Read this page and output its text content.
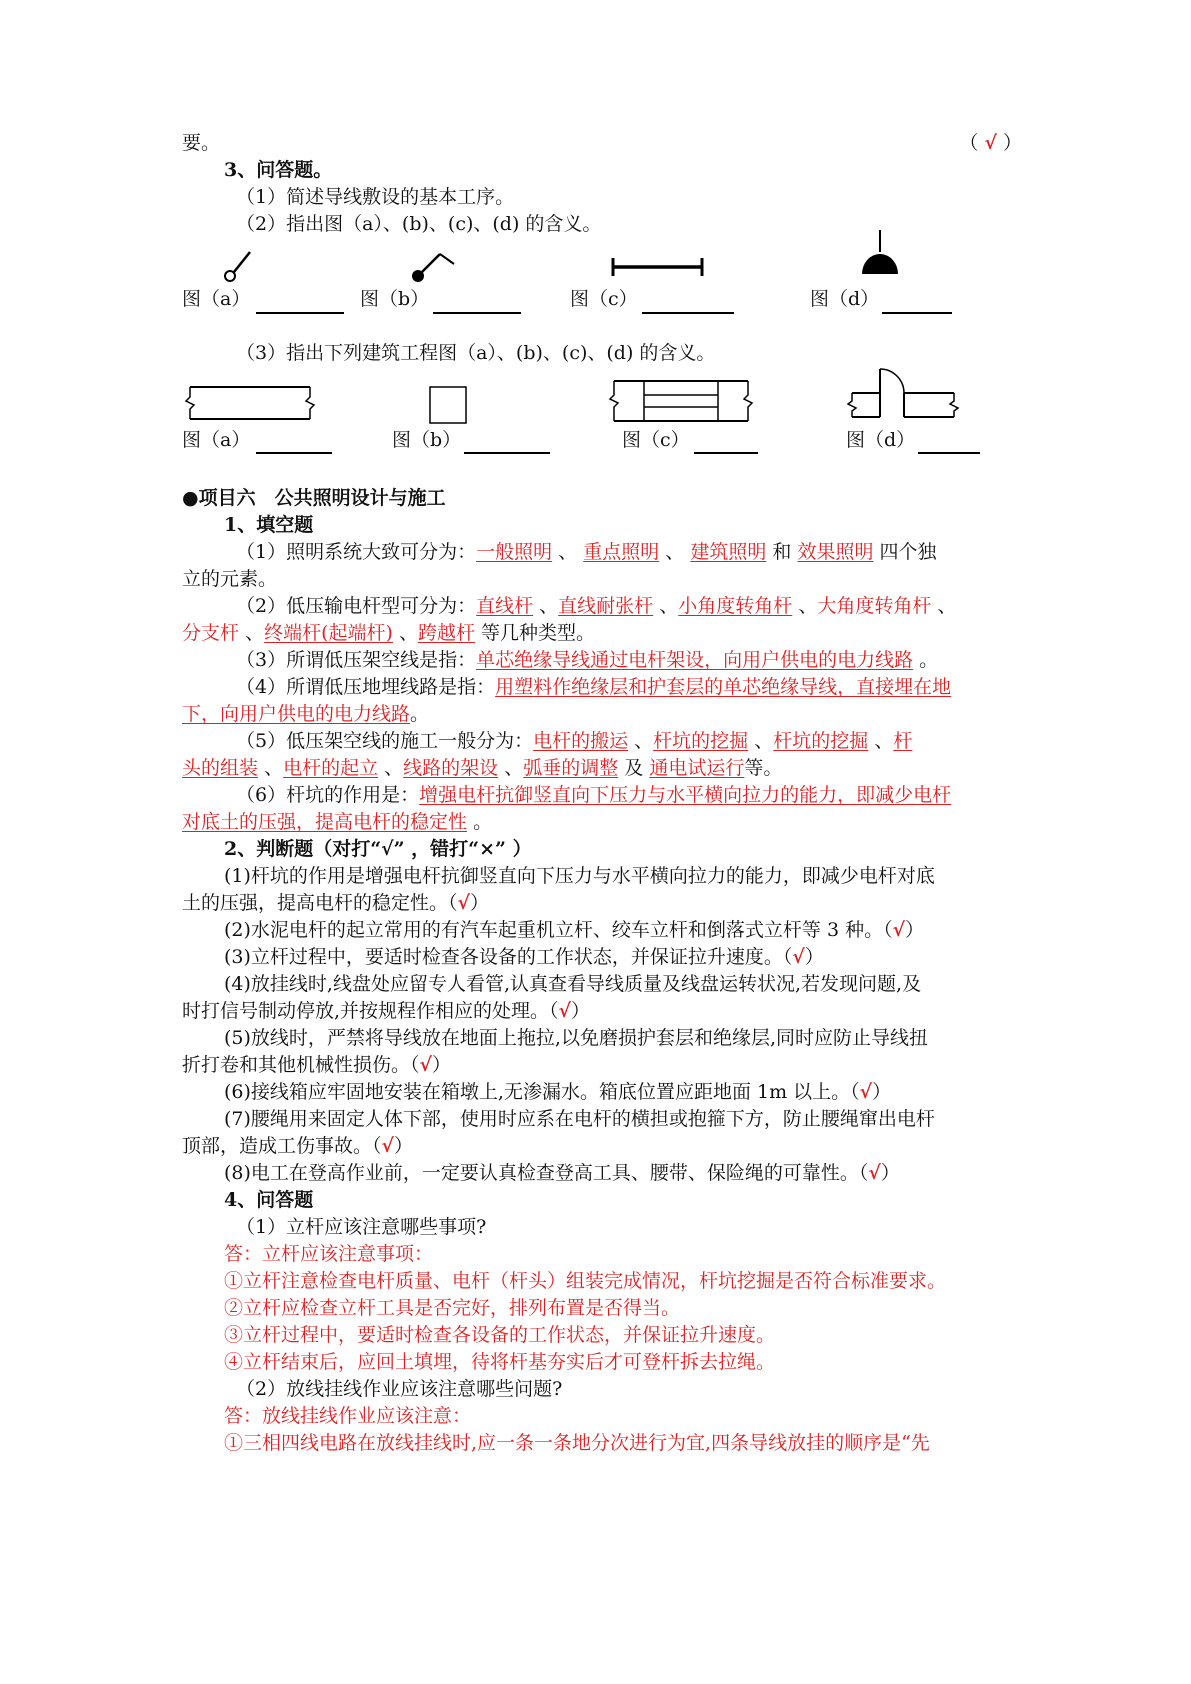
要。	（ √ ）
3、问答题。
（1）简述导线敷设的基本工序。
（2）指出图（a）、(b)、(c)、(d) 的含义。
图（a）	图（b）	图（c）	图（d）
（3）指出下列建筑工程图（a）、(b)、(c)、(d) 的含义。
图（a）	图（b）	图（c）	图（d）
●项目六　公共照明设计与施工
1、填空题
（1）照明系统大致可分为：一般照明 、 重点照明 、 建筑照明 和 效果照明 四个独
立的元素。
（2）低压输电杆型可分为：直线杆 、直线耐张杆 、小角度转角杆 、大角度转角杆 、
分支杆 、终端杆(起端杆) 、跨越杆 等几种类型。
（3）所谓低压架空线是指：单芯绝缘导线通过电杆架设，向用户供电的电力线路 。
（4）所谓低压地埋线路是指：用塑料作绝缘层和护套层的单芯绝缘导线，直接埋在地
下，向用户供电的电力线路。
（5）低压架空线的施工一般分为：电杆的搬运 、杆坑的挖掘 、杆坑的挖掘 、杆
头的组装 、电杆的起立 、线路的架设 、弧垂的调整 及 通电试运行等。
（6）杆坑的作用是：增强电杆抗御竖直向下压力与水平横向拉力的能力，即减少电杆
对底土的压强，提高电杆的稳定性 。
2、判断题（对打“√” ，错打“×” ）
(1)杆坑的作用是增强电杆抗御竖直向下压力与水平横向拉力的能力，即减少电杆对底
土的压强，提高电杆的稳定性。（√）
(2)水泥电杆的起立常用的有汽车起重机立杆、绞车立杆和倒落式立杆等 3 种。（√）
(3)立杆过程中，要适时检查各设备的工作状态，并保证拉升速度。（√）
(4)放挂线时,线盘处应留专人看管,认真查看导线质量及线盘运转状况,若发现问题,及
时打信号制动停放,并按规程作相应的处理。（√）
(5)放线时，严禁将导线放在地面上拖拉,以免磨损护套层和绝缘层,同时应防止导线扭
折打卷和其他机械性损伤。（√）
(6)接线箱应牢固地安装在箱墩上,无渗漏水。箱底位置应距地面 1m 以上。（√）
(7)腰绳用来固定人体下部，使用时应系在电杆的横担或抱箍下方，防止腰绳窜出电杆
顶部，造成工伤事故。（√）
(8)电工在登高作业前，一定要认真检查登高工具、腰带、保险绳的可靠性。（√）
4、问答题
（1）立杆应该注意哪些事项?
答：立杆应该注意事项：
①立杆注意检查电杆质量、电杆（杆头）组装完成情况，杆坑挖掘是否符合标准要求。
②立杆应检查立杆工具是否完好，排列布置是否得当。
③立杆过程中，要适时检查各设备的工作状态，并保证拉升速度。
④立杆结束后，应回土填埋，待将杆基夯实后才可登杆拆去拉绳。
（2）放线挂线作业应该注意哪些问题?
答：放线挂线作业应该注意：
①三相四线电路在放线挂线时,应一条一条地分次进行为宜,四条导线放挂的顺序是“先
